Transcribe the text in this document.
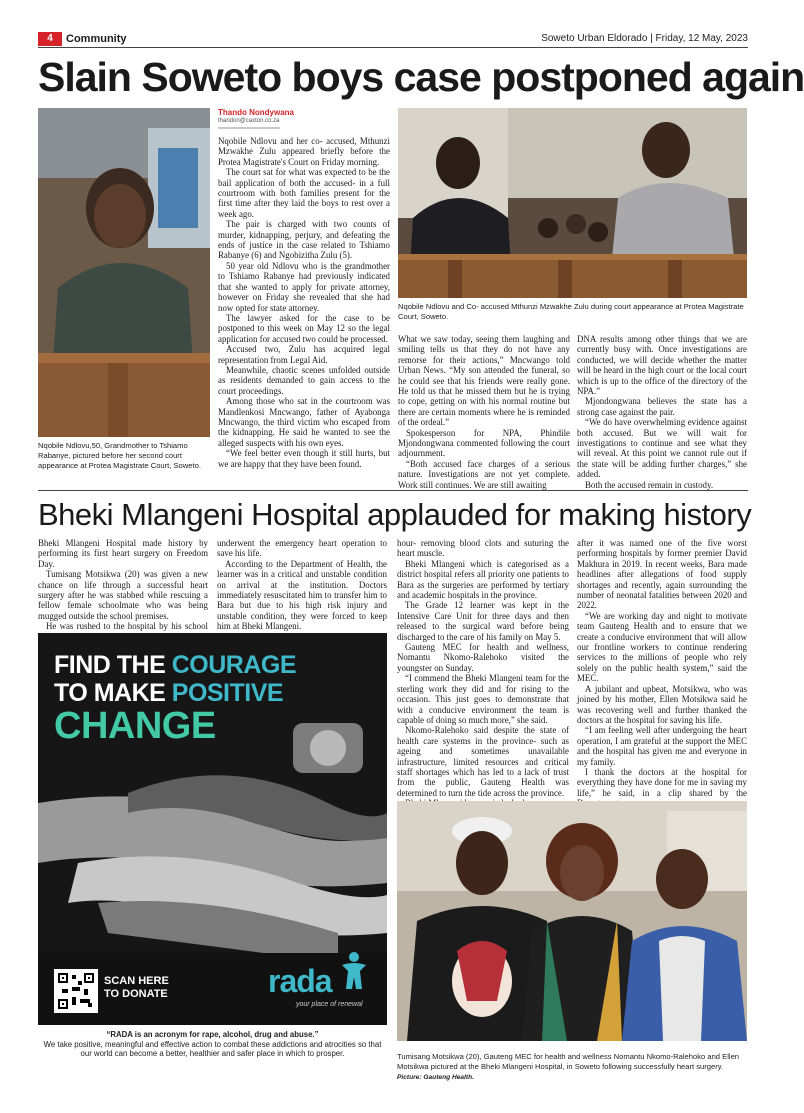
4	Community	Soweto Urban Eldorado | Friday, 12 May, 2023
Slain Soweto boys case postponed again
Nqobile Ndlovu,50, Grandmother to Tshiamo Rabanye, pictured before her second court appearance at Protea Magistrate Court, Soweto.
Thando Nondywana
thandon@caxton.co.za

Nqobile Ndlovu and her co- accused, Mthunzi Mzwakhe Zulu appeared briefly before the Protea Magistrate's Court on Friday morning.

The court sat for what was expected to be the bail application of both the accused- in a full courtroom with both families present for the first time after they laid the boys to rest over a week ago.

The pair is charged with two counts of murder, kidnapping, perjury, and defeating the ends of justice in the case related to Tshiamo Rabanye (6) and Ngobizitha Zulu (5).

50 year old Ndlovu who is the grandmother to Tshiamo Rabanye had previously indicated that she wanted to apply for private attorney, however on Friday she revealed that she had now opted for state attorney.

The lawyer asked for the case to be postponed to this week on May 12 so the legal application for accused two could be processed.

Accused two, Zulu has acquired legal representation from Legal Aid.

Meanwhile, chaotic scenes unfolded outside as residents demanded to gain access to the court proceedings.

Among those who sat in the courtroom was Mandlenkosi Mncwango, father of Ayabonga Mncwango, the third victim who escaped from the kidnapping. He said he wanted to see the alleged suspects with his own eyes.

“We feel better even though it still hurts, but we are happy that they have been found.

Nqobile Ndlovu and Co- accused Mthunzi Mzwakhe Zulu during court appearance at Protea Magistrate Court, Soweto.

What we saw today, seeing them laughing and smiling tells us that they do not have any remorse for their actions,” Mncwango told Urban News. “My son attended the funeral, so he could see that his friends were really gone. He told us that he missed them but he is trying to cope, getting on with his normal routine but there are certain moments where he is reminded of the ordeal.”

Spokesperson for NPA, Phindile Mjondongwana commented following the court adjournment.

“Both accused face charges of a serious nature. Investigations are not yet complete. Work still continues. We are still awaiting

DNA results among other things that we are currently busy with. Once investigations are conducted, we will decide whether the matter will be heard in the high court or the local court which is up to the office of the directory of the NPA.”

Mjondongwana believes the state has a strong case against the pair.

“We do have overwhelming evidence against both accused. But we will wait for investigations to continue and see what they will reveal. At this point we cannot rule out if the state will be adding further charges,” she added.

Both the accused remain in custody.

Bheki Mlangeni Hospital applauded for making history

Bheki Mlangeni Hospital made history by performing its first heart surgery on Freedom Day.

Tumisang Motsikwa (20) was given a new chance on life through a successful heart surgery after he was stabbed while rescuing a fellow female schoolmate who was being mugged outside the school premises.

He was rushed to the hospital by his school

underwent the emergency heart operation to save his life.

According to the Department of Health, the learner was in a critical and unstable condition on arrival at the institution. Doctors immediately resuscitated him to transfer him to Bara but due to his high risk injury and unstable condition, they were forced to keep him at Bheki Mlangeni.

hour- removing blood clots and suturing the heart muscle.

Bheki Mlangeni which is categorised as a district hospital refers all priority one patients to Bara as the surgeries are performed by tertiary and academic hospitals in the province.

The Grade 12 learner was kept in the Intensive Care Unit for three days and then released to the surgical ward before being discharged to the care of his family on May 5.

Gauteng MEC for health and wellness, Nomantu Nkomo-Ralehoko visited the youngster on Sunday.

“I commend the Bheki Mlangeni team for the sterling work they did and for rising to the occasion. This just goes to demonstrate that with a conducive environment the team is capable of doing so much more,” she said.

Nkomo-Ralehoko said despite the state of health care systems in the province- such as ageing and sometimes unavailable infrastructure, limited resources and critical staff shortages which has led to a lack of trust from the public, Gauteng Health was determined to turn the tide across the province.

after it was named one of the five worst performing hospitals by former premier David Makhura in 2019. In recent weeks, Bara made headlines after allegations of food supply shortages and recently, again surrounding the number of neonatal fatalities between 2020 and 2022.

“We are working day and night to motivate team Gauteng Health and to ensure that we create a conducive environment that will allow our frontline workers to continue rendering services to the millions of people who rely solely on the public health system,” said the MEC.

A jubilant and upbeat, Motsikwa, who was joined by his mother, Ellen Motsikwa said he was recovering well and further thanked the doctors at the hospital for saving his life.

“I am feeling well after undergoing the heart operation, I am grateful at the support the MEC and the hospital has given me and everyone in my family.

I thank the doctors at the hospital for everything they have done for me in saving my life,” he said, in a clip shared by the

FIND THE COURAGE
TO MAKE POSITIVE
CHANGE
SCAN HERE
TO DONATE	rada
your place of renewal
“RADA is an acronym for rape, alcohol, drug and abuse.”
We take positive, meaningful and effective action to combat these addictions and atrocities so that our world can become a better, healthier and safer place in which to prosper.	Tumisang Motsikwa (20), Gauteng MEC for health and wellness Nomantu Nkomo-Ralehoko and Ellen Motsikwa pictured at the Bheki Mlangeni Hospital, in Soweto following successfully heart surgery. Picture: Gauteng Health.
